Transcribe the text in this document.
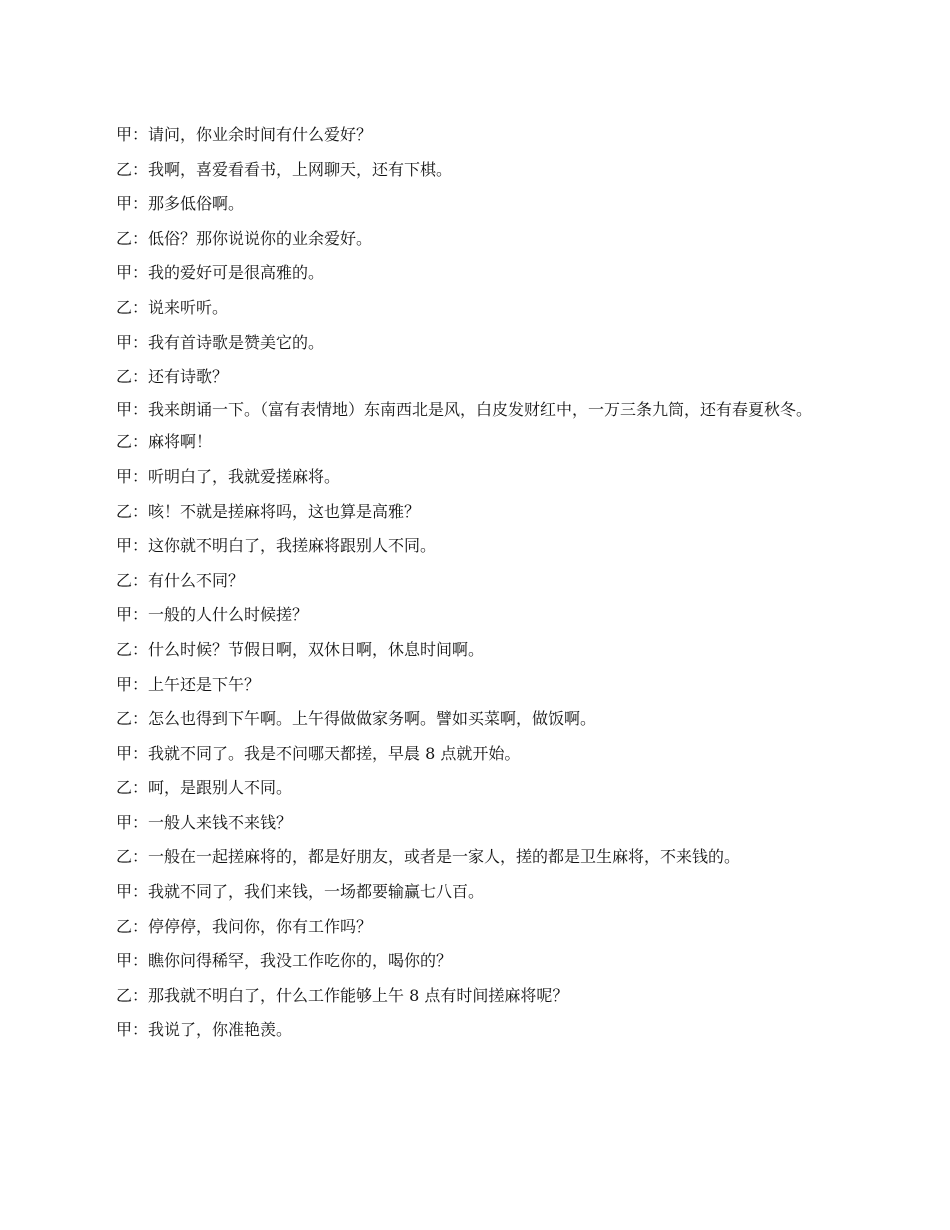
甲：请问，你业余时间有什么爱好？

乙：我啊，喜爱看看书，上网聊天，还有下棋。

甲：那多低俗啊。

乙：低俗？那你说说你的业余爱好。

甲：我的爱好可是很高雅的。

乙：说来听听。

甲：我有首诗歌是赞美它的。

乙：还有诗歌？

甲：我来朗诵一下。（富有表情地）东南西北是风，白皮发财红中，一万三条九筒，还有春夏秋冬。

乙：麻将啊！

甲：听明白了，我就爱搓麻将。

乙：咳！不就是搓麻将吗，这也算是高雅？

甲：这你就不明白了，我搓麻将跟别人不同。

乙：有什么不同？

甲：一般的人什么时候搓？

乙：什么时候？节假日啊，双休日啊，休息时间啊。

甲：上午还是下午？

乙：怎么也得到下午啊。上午得做做家务啊。譬如买菜啊，做饭啊。

甲：我就不同了。我是不问哪天都搓，早晨 8 点就开始。

乙：呵，是跟别人不同。

甲：一般人来钱不来钱？

乙：一般在一起搓麻将的，都是好朋友，或者是一家人，搓的都是卫生麻将，不来钱的。

甲：我就不同了，我们来钱，一场都要输赢七八百。

乙：停停停，我问你，你有工作吗？

甲：瞧你问得稀罕，我没工作吃你的，喝你的？

乙：那我就不明白了，什么工作能够上午 8 点有时间搓麻将呢？

甲：我说了，你准艳羡。
